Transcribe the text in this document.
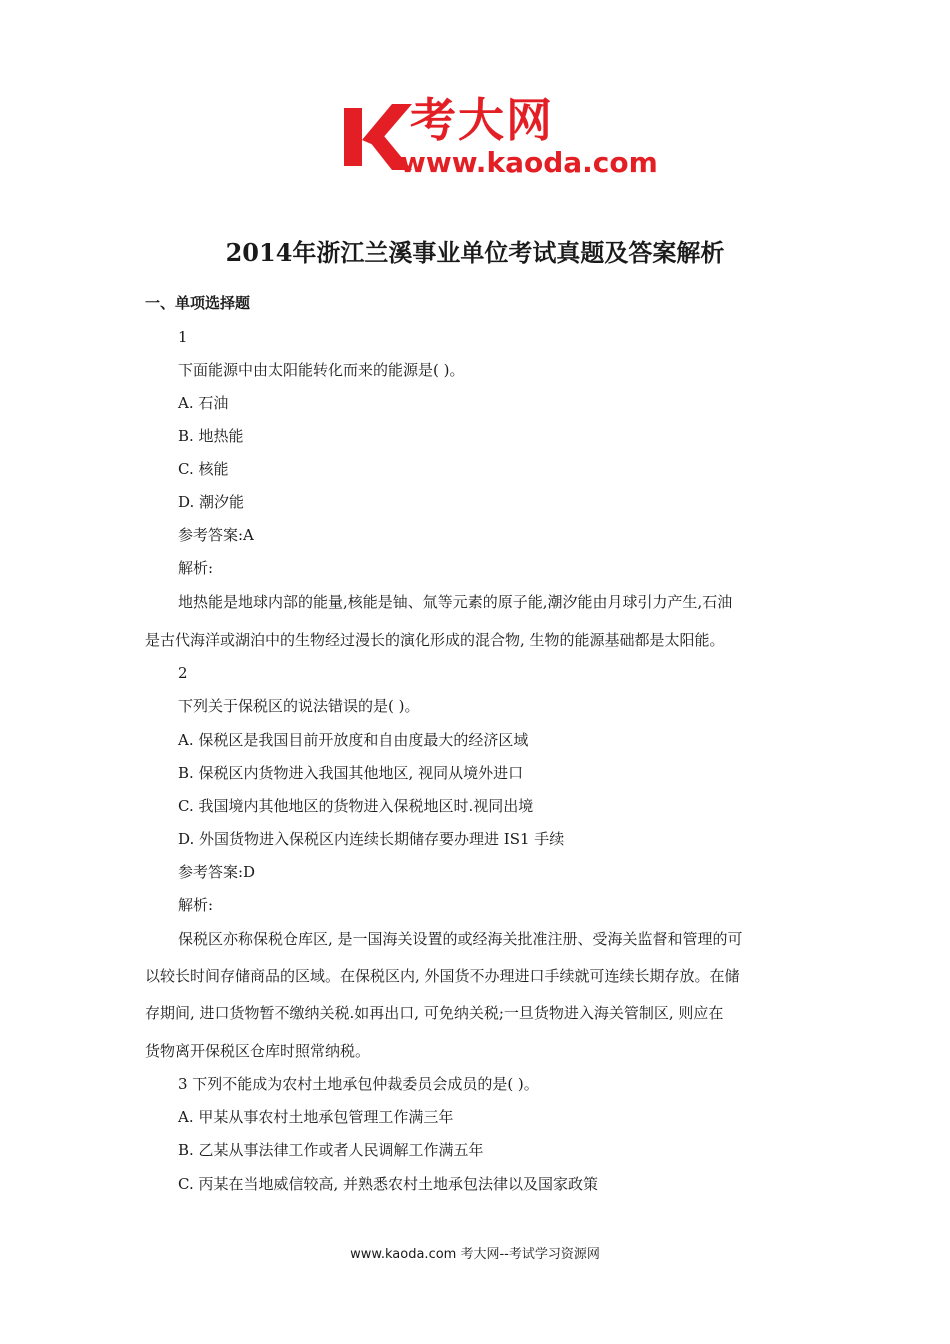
考大网
www.kaoda.com
2014年浙江兰溪事业单位考试真题及答案解析
一、单项选择题
1
下面能源中由太阳能转化而来的能源是( )。
A. 石油
B. 地热能
C. 核能
D. 潮汐能
参考答案:A
解析:
地热能是地球内部的能量,核能是铀、氚等元素的原子能,潮汐能由月球引力产生,石油
是古代海洋或湖泊中的生物经过漫长的演化形成的混合物, 生物的能源基础都是太阳能。
2
下列关于保税区的说法错误的是( )。
A. 保税区是我国目前开放度和自由度最大的经济区域
B. 保税区内货物进入我国其他地区, 视同从境外进口
C. 我国境内其他地区的货物进入保税地区时.视同出境
D. 外国货物进入保税区内连续长期储存要办理进 IS1 手续
参考答案:D
解析:
保税区亦称保税仓库区, 是一国海关设置的或经海关批准注册、受海关监督和管理的可
以较长时间存储商品的区域。在保税区内, 外国货不办理进口手续就可连续长期存放。在储
存期间, 进口货物暂不缴纳关税.如再出口, 可免纳关税;一旦货物进入海关管制区, 则应在
货物离开保税区仓库时照常纳税。
3 下列不能成为农村土地承包仲裁委员会成员的是( )。
A. 甲某从事农村土地承包管理工作满三年
B. 乙某从事法律工作或者人民调解工作满五年
C. 丙某在当地威信较高, 并熟悉农村土地承包法律以及国家政策
www.kaoda.com 考大网--考试学习资源网
